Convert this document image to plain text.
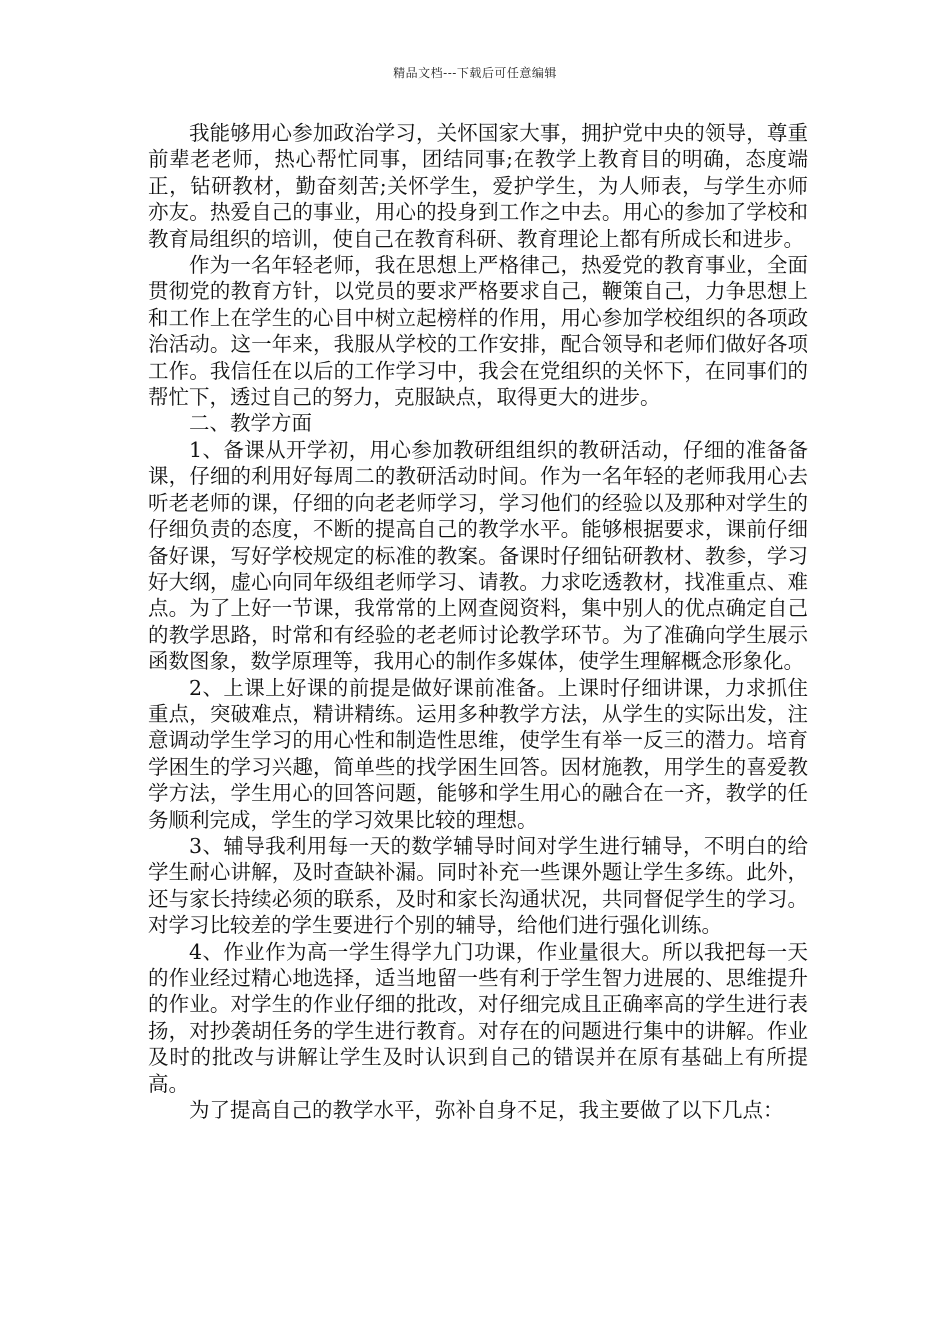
精品文档---下载后可任意编辑

我能够用心参加政治学习，关怀国家大事，拥护党中央的领导，尊重前辈老老师，热心帮忙同事，团结同事;在教学上教育目的明确，态度端正，钻研教材，勤奋刻苦;关怀学生，爱护学生，为人师表，与学生亦师亦友。热爱自己的事业，用心的投身到工作之中去。用心的参加了学校和教育局组织的培训，使自己在教育科研、教育理论上都有所成长和进步。

作为一名年轻老师，我在思想上严格律己，热爱党的教育事业，全面贯彻党的教育方针，以党员的要求严格要求自己，鞭策自己，力争思想上和工作上在学生的心目中树立起榜样的作用，用心参加学校组织的各项政治活动。这一年来，我服从学校的工作安排，配合领导和老师们做好各项工作。我信任在以后的工作学习中，我会在党组织的关怀下，在同事们的帮忙下，透过自己的努力，克服缺点，取得更大的进步。

二、教学方面

1、备课从开学初，用心参加教研组组织的教研活动，仔细的准备备课，仔细的利用好每周二的教研活动时间。作为一名年轻的老师我用心去听老老师的课，仔细的向老老师学习，学习他们的经验以及那种对学生的仔细负责的态度，不断的提高自己的教学水平。能够根据要求，课前仔细备好课，写好学校规定的标准的教案。备课时仔细钻研教材、教参，学习好大纲，虚心向同年级组老师学习、请教。力求吃透教材，找准重点、难点。为了上好一节课，我常常的上网查阅资料，集中别人的优点确定自己的教学思路，时常和有经验的老老师讨论教学环节。为了准确向学生展示函数图象，数学原理等，我用心的制作多媒体，使学生理解概念形象化。

2、上课上好课的前提是做好课前准备。上课时仔细讲课，力求抓住重点，突破难点，精讲精练。运用多种教学方法，从学生的实际出发，注意调动学生学习的用心性和制造性思维，使学生有举一反三的潜力。培育学困生的学习兴趣，简单些的找学困生回答。因材施教，用学生的喜爱教学方法，学生用心的回答问题，能够和学生用心的融合在一齐，教学的任务顺利完成，学生的学习效果比较的理想。

3、辅导我利用每一天的数学辅导时间对学生进行辅导，不明白的给学生耐心讲解，及时查缺补漏。同时补充一些课外题让学生多练。此外，还与家长持续必须的联系，及时和家长沟通状况，共同督促学生的学习。对学习比较差的学生要进行个别的辅导，给他们进行强化训练。

4、作业作为高一学生得学九门功课，作业量很大。所以我把每一天的作业经过精心地选择，适当地留一些有利于学生智力进展的、思维提升的作业。对学生的作业仔细的批改，对仔细完成且正确率高的学生进行表扬，对抄袭胡任务的学生进行教育。对存在的问题进行集中的讲解。作业及时的批改与讲解让学生及时认识到自己的错误并在原有基础上有所提高。

为了提高自己的教学水平，弥补自身不足，我主要做了以下几点：
